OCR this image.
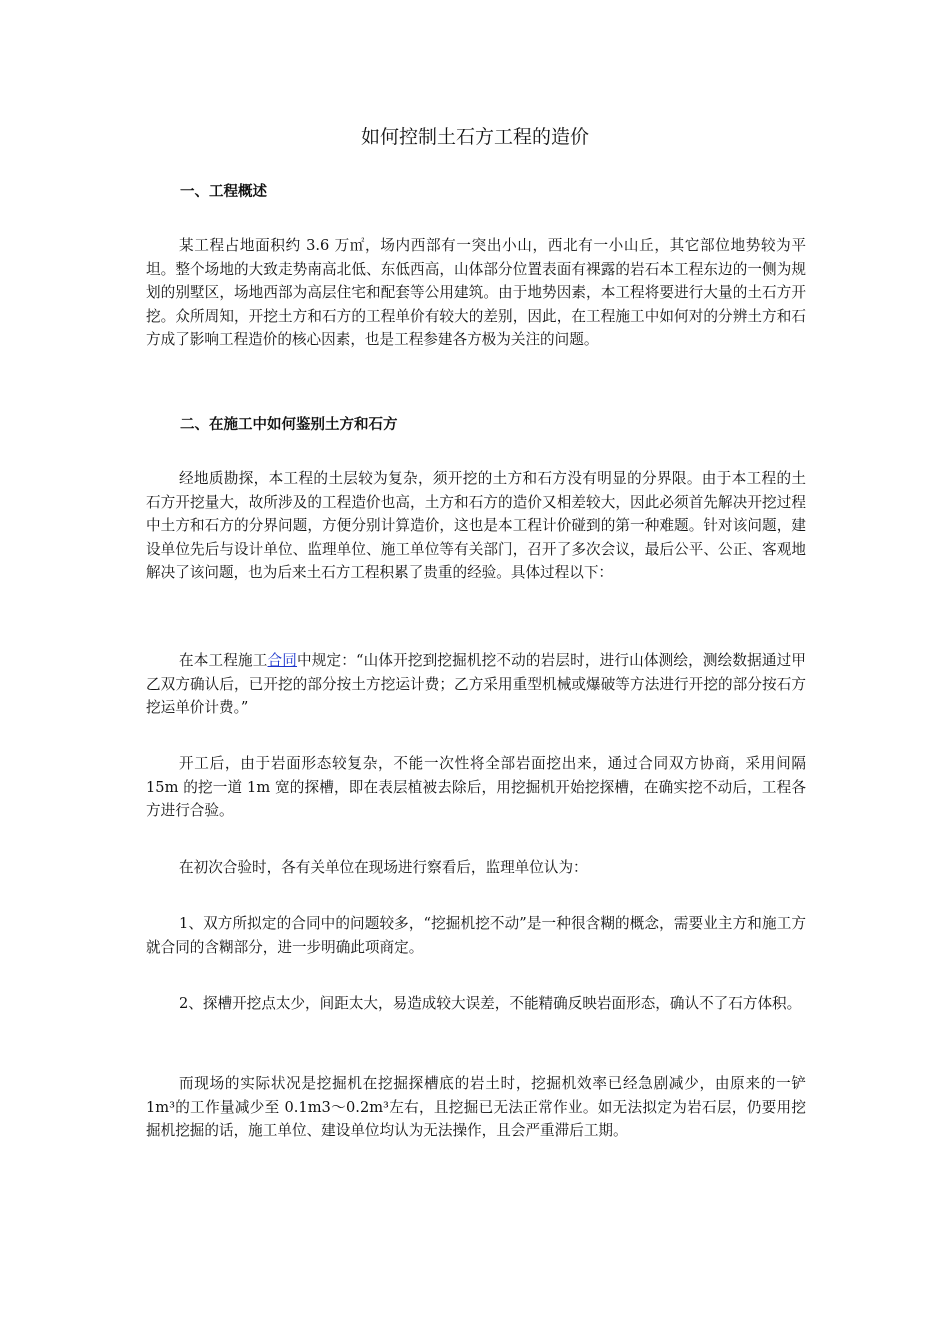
如何控制土石方工程的造价
一、工程概述

某工程占地面积约 3.6 万㎡，场内西部有一突出小山，西北有一小山丘，其它部位地势较为平坦。整个场地的大致走势南高北低、东低西高，山体部分位置表面有裸露的岩石本工程东边的一侧为规划的别墅区，场地西部为高层住宅和配套等公用建筑。由于地势因素，本工程将要进行大量的土石方开挖。众所周知，开挖土方和石方的工程单价有较大的差别，因此，在工程施工中如何对的分辨土方和石方成了影响工程造价的核心因素，也是工程参建各方极为关注的问题。

二、在施工中如何鉴别土方和石方

经地质勘探，本工程的土层较为复杂，须开挖的土方和石方没有明显的分界限。由于本工程的土石方开挖量大，故所涉及的工程造价也高，土方和石方的造价又相差较大，因此必须首先解决开挖过程中土方和石方的分界问题，方便分别计算造价，这也是本工程计价碰到的第一种难题。针对该问题，建设单位先后与设计单位、监理单位、施工单位等有关部门，召开了多次会议，最后公平、公正、客观地解决了该问题，也为后来土石方工程积累了贵重的经验。具体过程以下：

在本工程施工合同中规定：“山体开挖到挖掘机挖不动的岩层时，进行山体测绘，测绘数据通过甲乙双方确认后，已开挖的部分按土方挖运计费；乙方采用重型机械或爆破等方法进行开挖的部分按石方挖运单价计费。”

开工后，由于岩面形态较复杂，不能一次性将全部岩面挖出来，通过合同双方协商，采用间隔 15m 的挖一道 1m 宽的探槽，即在表层植被去除后，用挖掘机开始挖探槽，在确实挖不动后，工程各方进行合验。

在初次合验时，各有关单位在现场进行察看后，监理单位认为：

1、双方所拟定的合同中的问题较多，“挖掘机挖不动”是一种很含糊的概念，需要业主方和施工方就合同的含糊部分，进一步明确此项商定。

2、探槽开挖点太少，间距太大，易造成较大误差，不能精确反映岩面形态，确认不了石方体积。

而现场的实际状况是挖掘机在挖掘探槽底的岩土时，挖掘机效率已经急剧减少，由原来的一铲 1m³的工作量减少至 0.1m3～0.2m³左右，且挖掘已无法正常作业。如无法拟定为岩石层，仍要用挖掘机挖掘的话，施工单位、建设单位均认为无法操作，且会严重滞后工期。
